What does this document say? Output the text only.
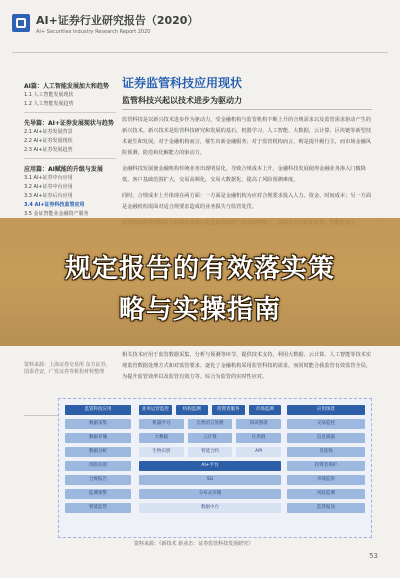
AI+证券行业研究报告（2020）
AI+ Securities Industry Research Report 2020
AI篇：人工智能发展加大和趋势
1.1 人工智能发展现状
1.2 人工智能发展趋势
先导篇：AI+证券发展现状与趋势
2.1 AI+证券发展背景
2.2 AI+证券发展现状
2.3 AI+证券发展趋势
应用篇：AI赋能的升级与发展
3.1 AI+证券中台应用
3.2 AI+证券中台应用
3.3 AI+证券后台应用
3.4 AI+证券科技监管应用
3.5 金证智能业金融资产服务
资料来源：上海证券交易所 东方证券，国泰君安，广发证券等机构材料整理
证券监管科技应用现状
监管科技兴起以技术进步为驱动力
监管科技是以新兴技术进步作为驱动力，受金融机构与监管机构不断上升的合规需求以及监管需求驱动产生的新兴技术。新兴技术是监管科技研究和发展的基石，机器学习、人工智能、大数据、云计算、区块链等新型技术诞生和发展，对于金融机构而言，催生出新金融服务；对于监管机构而言，则是提升履行主，而市场金融风险预测、防范和化解能力的驱动力。
金融科技发展使金融机构传统业务出现明显化，导致合规成本上升，金融科技发展使得金融业务渗入门槛降低，客户基础范围扩大，交易高频化，交易大数据化，提高了风险预测难度。
同时，合规成本上升体现在两方面：一方面是金融机构为应对合规要求投入人力、资金、时间成本；另一方面是金融机构需面对适合规要求造成的业务损失与监管处罚。
相关技术应用于监管数据采集、分析与预测等环节，提供技术支持，利用大数据、云计算、人工智能等技术实现监管数据处理方式和对监管要求、逐化了金融机构采用监管科技的需求，而同时能合我监管有效监管全局，为提升监管效率以及监管有效力等。综合为监管的实时性应对。
监管科技应用
数据采集
数据存储
数据分析
风险识别
合规报告
监测预警
智能监管
业务运营监控	机构监测	投资者服务	市场监测
机器学习	自然语言处理	知识图谱
大数据	云计算	区块链
生物识别	智能合约	API
AI+平台
5G
分布式存储
数据中台
应用场景
交易监控
信息披露
反洗钱
投资者保护
市场监察
风险监测
监管报送
资料来源：《新技术 新业态：证券监管科技发展研究》
53
规定报告的有效落实策
略与实操指南
